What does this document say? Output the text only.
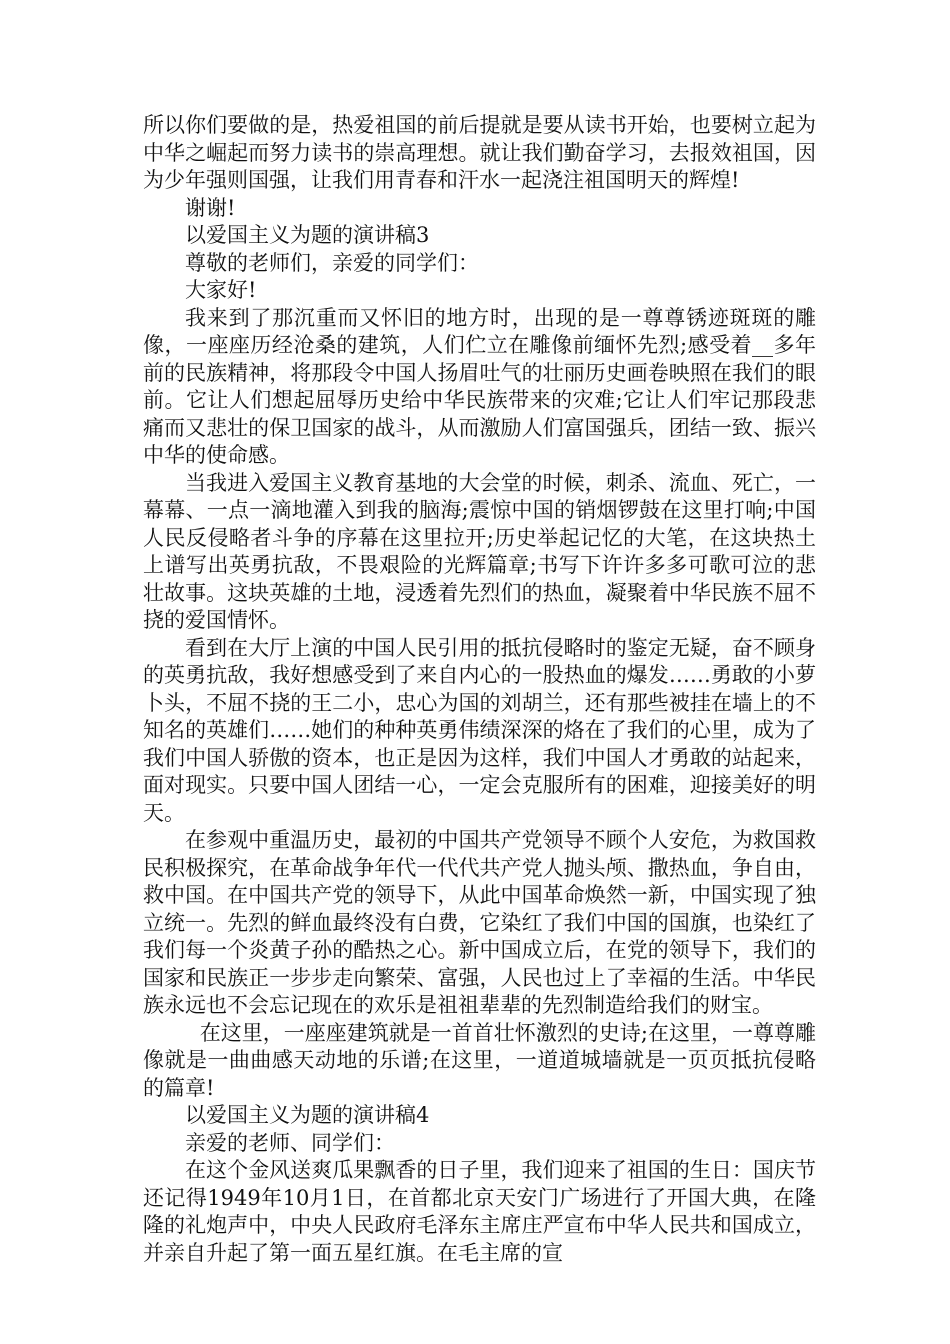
所以你们要做的是，热爱祖国的前后提就是要从读书开始，也要树立起为中华之崛起而努力读书的崇高理想。就让我们勤奋学习，去报效祖国，因为少年强则国强，让我们用青春和汗水一起浇注祖国明天的辉煌!

谢谢!

以爱国主义为题的演讲稿3

尊敬的老师们，亲爱的同学们：

大家好!

我来到了那沉重而又怀旧的地方时，出现的是一尊尊锈迹斑斑的雕像，一座座历经沧桑的建筑，人们伫立在雕像前缅怀先烈;感受着__多年前的民族精神，将那段令中国人扬眉吐气的壮丽历史画卷映照在我们的眼前。它让人们想起屈辱历史给中华民族带来的灾难;它让人们牢记那段悲痛而又悲壮的保卫国家的战斗，从而激励人们富国强兵，团结一致、振兴中华的使命感。

当我进入爱国主义教育基地的大会堂的时候，刺杀、流血、死亡，一幕幕、一点一滴地灌入到我的脑海;震惊中国的销烟锣鼓在这里打响;中国人民反侵略者斗争的序幕在这里拉开;历史举起记忆的大笔，在这块热土上谱写出英勇抗敌，不畏艰险的光辉篇章;书写下许许多多可歌可泣的悲壮故事。这块英雄的土地，浸透着先烈们的热血，凝聚着中华民族不屈不挠的爱国情怀。

看到在大厅上演的中国人民引用的抵抗侵略时的鉴定无疑，奋不顾身的英勇抗敌，我好想感受到了来自内心的一股热血的爆发……勇敢的小萝卜头，不屈不挠的王二小，忠心为国的刘胡兰，还有那些被挂在墙上的不知名的英雄们……她们的种种英勇伟绩深深的烙在了我们的心里，成为了我们中国人骄傲的资本，也正是因为这样，我们中国人才勇敢的站起来，面对现实。只要中国人团结一心，一定会克服所有的困难，迎接美好的明天。

在参观中重温历史，最初的中国共产党领导不顾个人安危，为救国救民积极探究，在革命战争年代一代代共产党人抛头颅、撒热血，争自由，救中国。在中国共产党的领导下，从此中国革命焕然一新，中国实现了独立统一。先烈的鲜血最终没有白费，它染红了我们中国的国旗，也染红了我们每一个炎黄子孙的酷热之心。新中国成立后，在党的领导下，我们的国家和民族正一步步走向繁荣、富强，人民也过上了幸福的生活。中华民族永远也不会忘记现在的欢乐是祖祖辈辈的先烈制造给我们的财宝。

在这里，一座座建筑就是一首首壮怀激烈的史诗;在这里，一尊尊雕像就是一曲曲感天动地的乐谱;在这里，一道道城墙就是一页页抵抗侵略的篇章!

以爱国主义为题的演讲稿4

亲爱的老师、同学们：

在这个金风送爽瓜果飘香的日子里，我们迎来了祖国的生日：国庆节还记得1949年10月1日，在首都北京天安门广场进行了开国大典，在隆隆的礼炮声中，中央人民政府毛泽东主席庄严宣布中华人民共和国成立，并亲自升起了第一面五星红旗。在毛主席的宣
